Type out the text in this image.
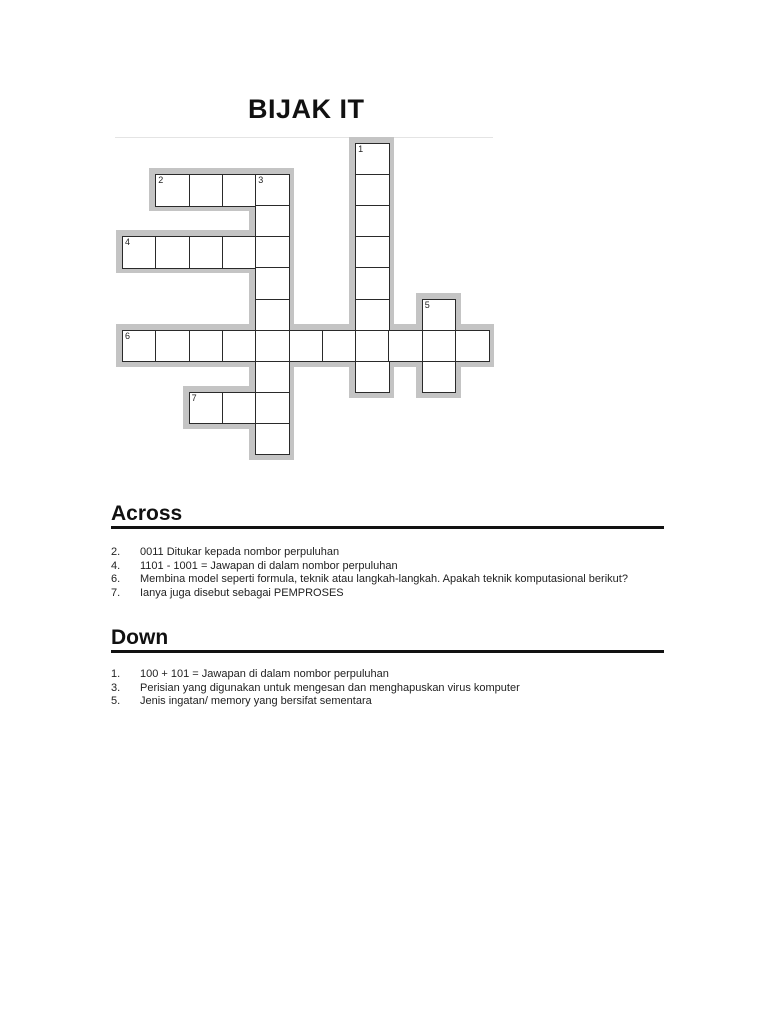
BIJAK IT
1
2	3
4
5
6
7
Across
2. 0011 Ditukar kepada nombor perpuluhan
4. 1101 - 1001 = Jawapan di dalam nombor perpuluhan
6. Membina model seperti formula, teknik atau langkah-langkah. Apakah teknik komputasional berikut?
7. Ianya juga disebut sebagai PEMPROSES
Down
1. 100 + 101 = Jawapan di dalam nombor perpuluhan
3. Perisian yang digunakan untuk mengesan dan menghapuskan virus komputer
5. Jenis ingatan/ memory yang bersifat sementara
